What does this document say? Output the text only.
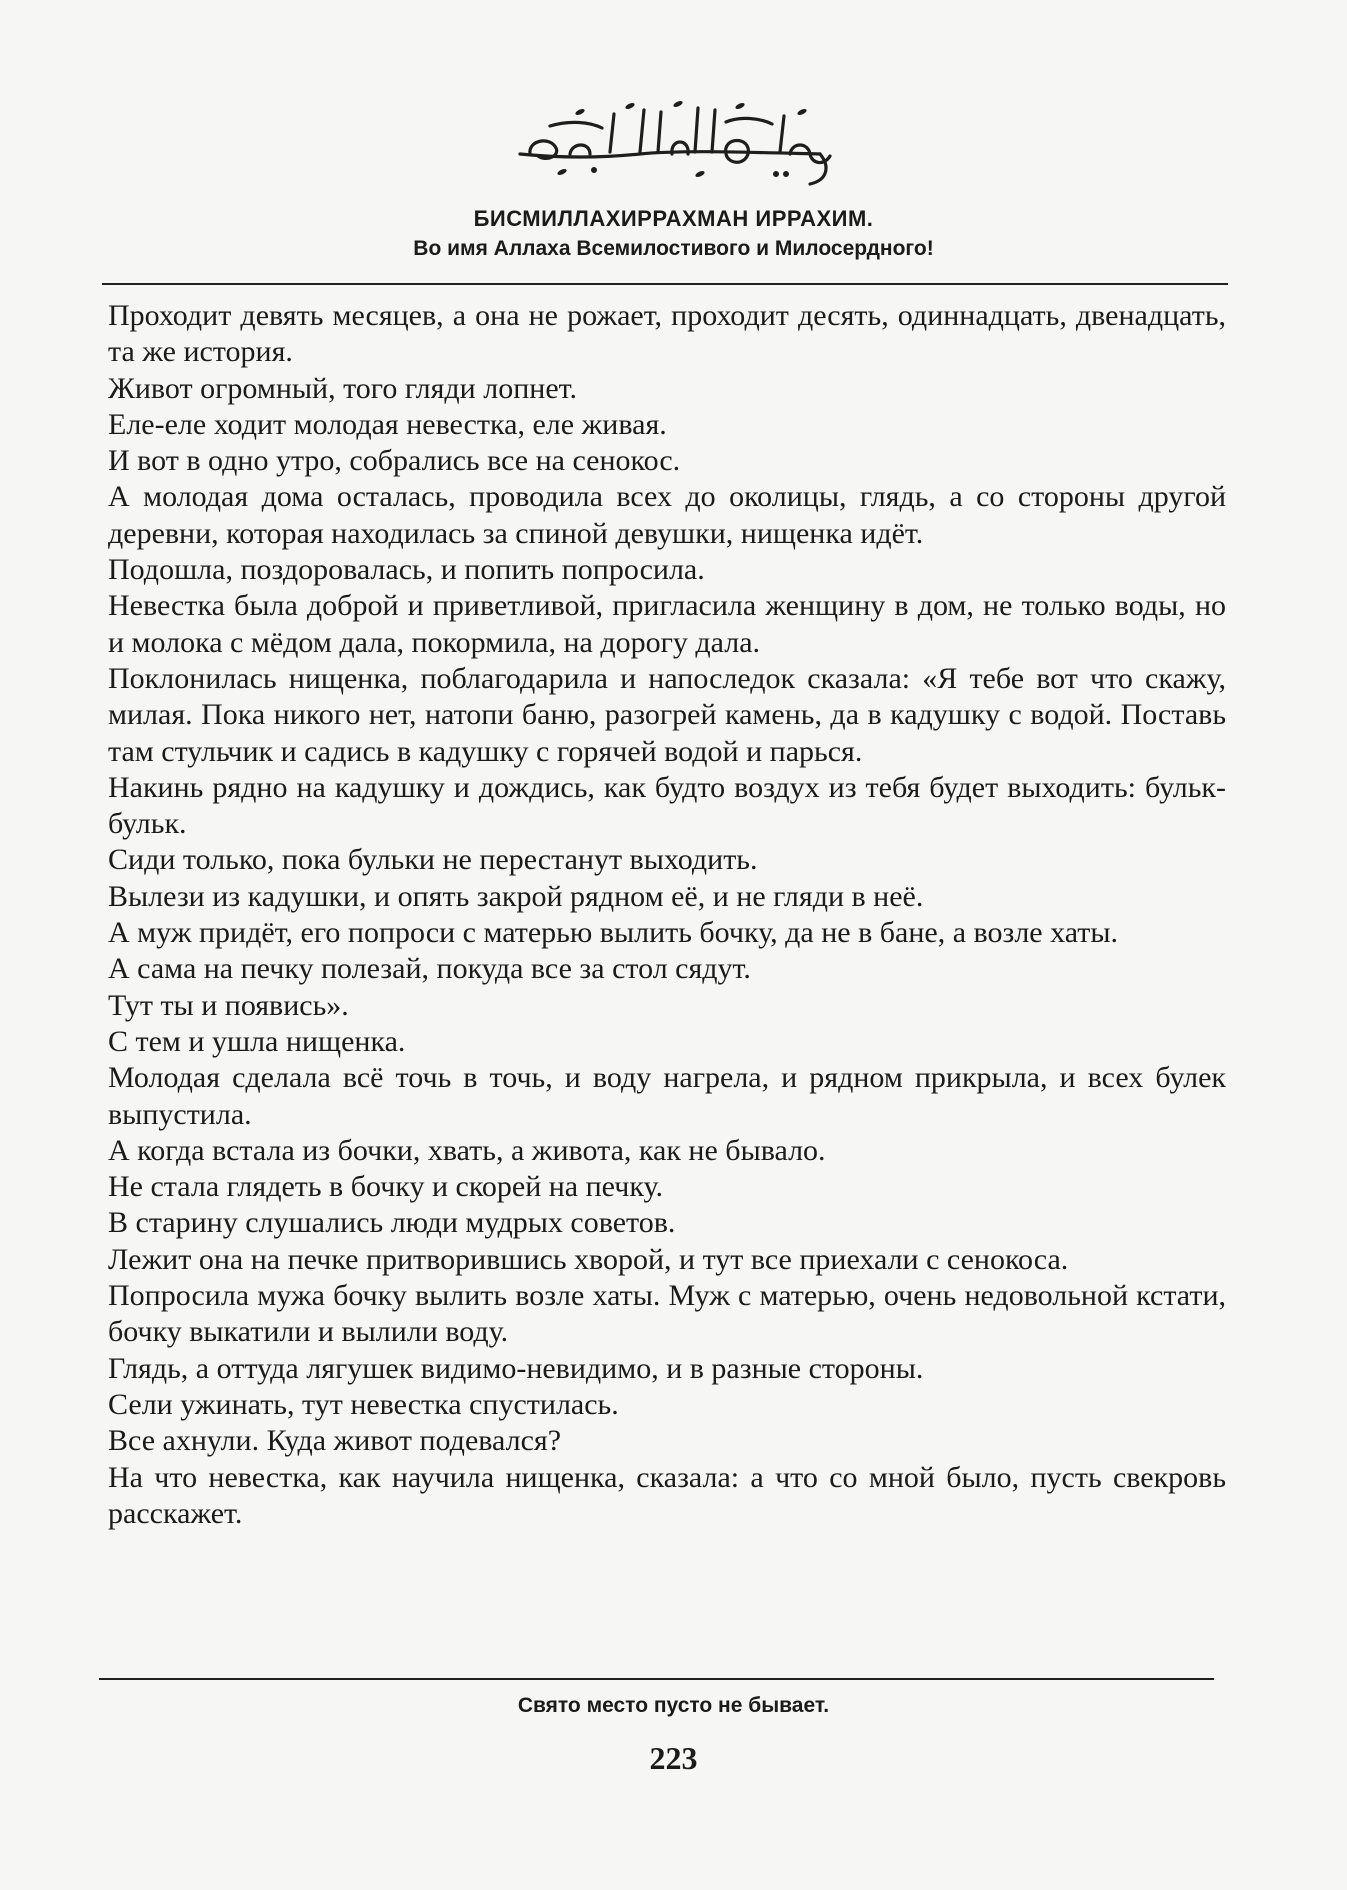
БИСМИЛЛАХИРРАХМАН ИРРАХИМ.
Во имя Аллаха Всемилостивого и Милосердного!

Проходит девять месяцев, а она не рожает, проходит десять, одиннадцать, двенадцать, та же история.

Живот огромный, того гляди лопнет.

Еле-еле ходит молодая невестка, еле живая.

И вот в одно утро, собрались все на сенокос.

А молодая дома осталась, проводила всех до околицы, глядь, а со стороны другой деревни, которая находилась за спиной девушки, нищенка идёт.

Подошла, поздоровалась, и попить попросила.

Невестка была доброй и приветливой, пригласила женщину в дом, не только воды, но и молока с мёдом дала, покормила, на дорогу дала.

Поклонилась нищенка, поблагодарила и напоследок сказала: «Я тебе вот что скажу, милая. Пока никого нет, натопи баню, разогрей камень, да в кадушку с водой. Поставь там стульчик и садись в кадушку с горячей водой и парься.

Накинь рядно на кадушку и дождись, как будто воздух из тебя будет выходить: бульк-бульк.

Сиди только, пока бульки не перестанут выходить.

Вылези из кадушки, и опять закрой рядном её, и не гляди в неё.

А муж придёт, его попроси с матерью вылить бочку, да не в бане, а возле хаты.

А сама на печку полезай, покуда все за стол сядут.

Тут ты и появись».

С тем и ушла нищенка.

Молодая сделала всё точь в точь, и воду нагрела, и рядном прикрыла, и всех булек выпустила.

А когда встала из бочки, хвать, а живота, как не бывало.

Не стала глядеть в бочку и скорей на печку.

В старину слушались люди мудрых советов.

Лежит она на печке притворившись хворой, и тут все приехали с сенокоса.

Попросила мужа бочку вылить возле хаты. Муж с матерью, очень недовольной кстати, бочку выкатили и вылили воду.

Глядь, а оттуда лягушек видимо-невидимо, и в разные стороны.

Сели ужинать, тут невестка спустилась.

Все ахнули. Куда живот подевался?

На что невестка, как научила нищенка, сказала: а что со мной было, пусть свекровь расскажет.

Свято место пусто не бывает.
223
